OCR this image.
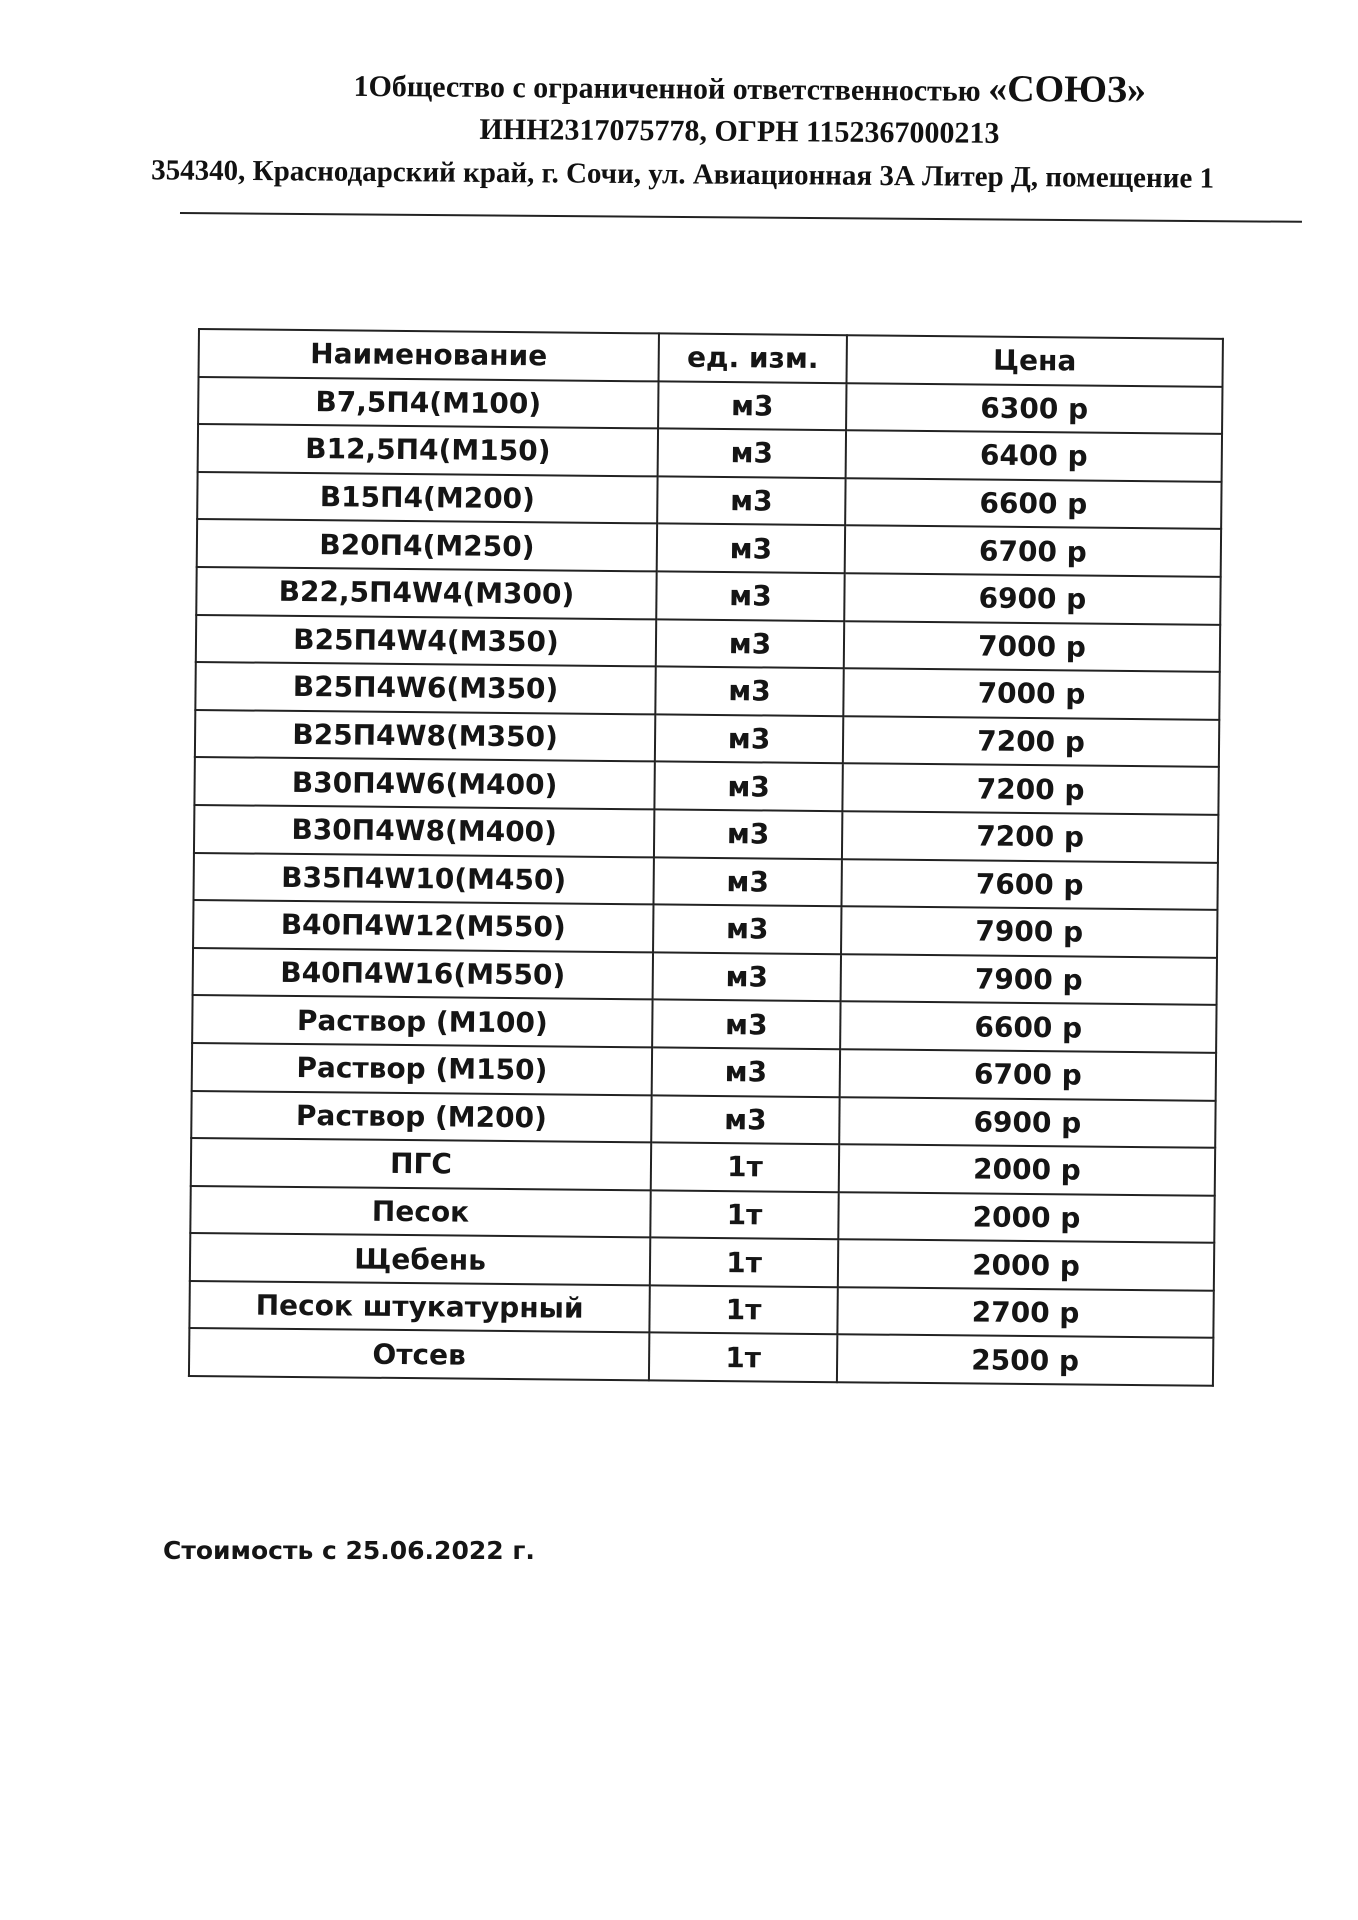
1Общество с ограниченной ответственностью «СОЮЗ»
ИНН2317075778, ОГРН 1152367000213
354340, Краснодарский край, г. Сочи, ул. Авиационная 3А Литер Д, помещение 1
Наименование	ед. изм.	Цена
В7,5П4(М100)	м3	6300 р
В12,5П4(М150)	м3	6400 р
В15П4(М200)	м3	6600 р
В20П4(М250)	м3	6700 р
В22,5П4W4(М300)	м3	6900 р
В25П4W4(М350)	м3	7000 р
В25П4W6(М350)	м3	7000 р
В25П4W8(М350)	м3	7200 р
В30П4W6(М400)	м3	7200 р
В30П4W8(М400)	м3	7200 р
В35П4W10(М450)	м3	7600 р
В40П4W12(М550)	м3	7900 р
В40П4W16(М550)	м3	7900 р
Раствор (М100)	м3	6600 р
Раствор (М150)	м3	6700 р
Раствор (М200)	м3	6900 р
ПГС	1т	2000 р
Песок	1т	2000 р
Щебень	1т	2000 р
Песок штукатурный	1т	2700 р
Отсев	1т	2500 р
Стоимость с 25.06.2022 г.
